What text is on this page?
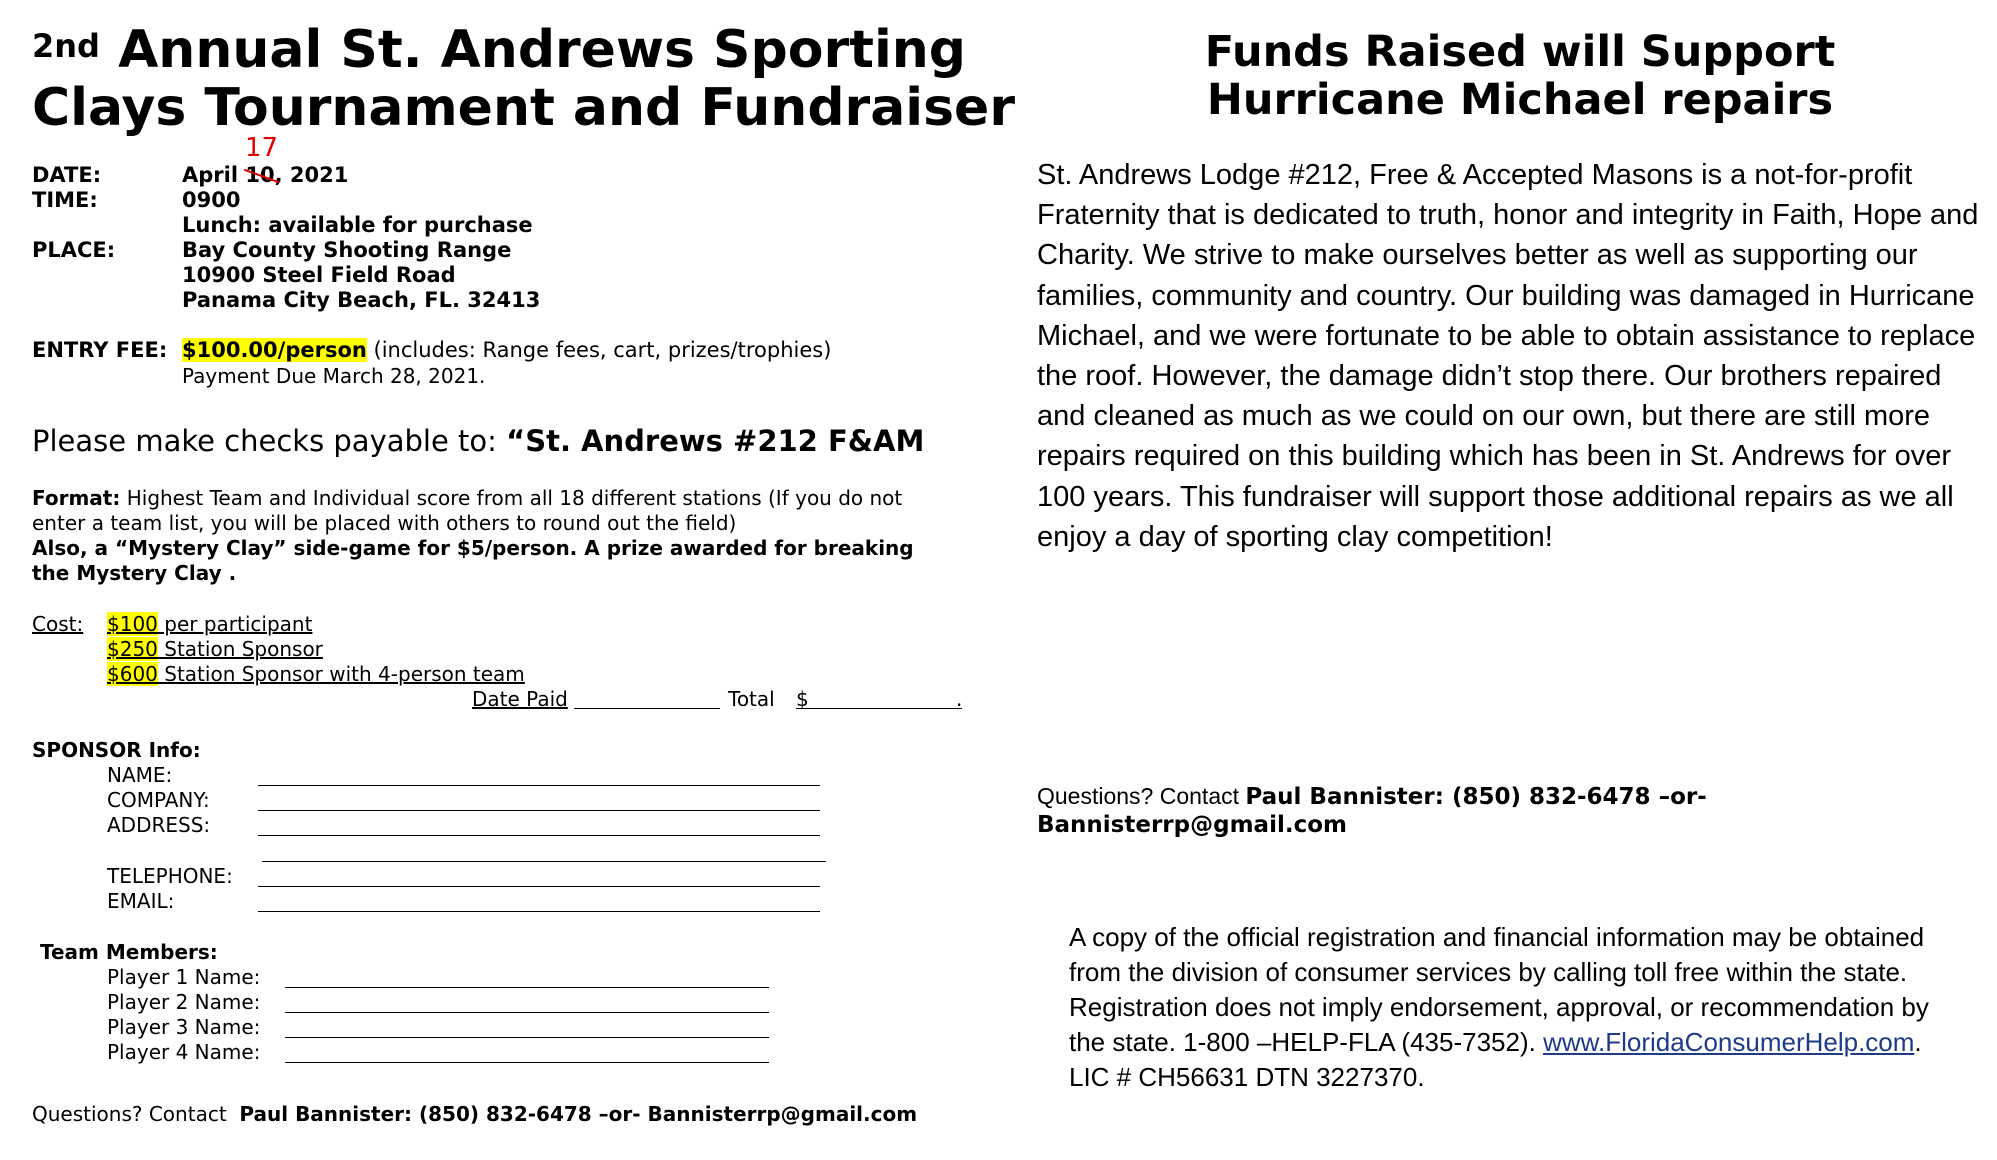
$^{2nd}$ Annual St. Andrews Sporting
Clays Tournament and Fundraiser
17
DATE:	April 10, 2021
TIME:	0900
Lunch: available for purchase
PLACE:	Bay County Shooting Range
10900 Steel Field Road
Panama City Beach, FL. 32413
ENTRY FEE: $100.00/person (includes: Range fees, cart, prizes/trophies)
Payment Due March 28, 2021.
Please make checks payable to: “St. Andrews #212 F&AM
Format: Highest Team and Individual score from all 18 different stations (If you do not
enter a team list, you will be placed with others to round out the field)
Also, a “Mystery Clay” side-game for $5/person. A prize awarded for breaking
the Mystery Clay .
Cost: $100 per participant
$250 Station Sponsor
$600 Station Sponsor with 4-person team
Date Paid	Total $	.
SPONSOR Info:
NAME:
COMPANY:
ADDRESS:
TELEPHONE:
EMAIL:
Team Members:
Player 1 Name:
Player 2 Name:
Player 3 Name:
Player 4 Name:
Questions? Contact Paul Bannister: (850) 832-6478 –or- Bannisterrp@gmail.com
Funds Raised will Support
Hurricane Michael repairs
St. Andrews Lodge #212, Free & Accepted Masons is a not-for-profit Fraternity that is dedicated to truth, honor and integrity in Faith, Hope and Charity. We strive to make ourselves better as well as supporting our families, community and country. Our building was damaged in Hurricane Michael, and we were fortunate to be able to obtain assistance to replace the roof. However, the damage didn’t stop there. Our brothers repaired and cleaned as much as we could on our own, but there are still more repairs required on this building which has been in St. Andrews for over 100 years. This fundraiser will support those additional repairs as we all enjoy a day of sporting clay competition!
Questions? Contact Paul Bannister: (850) 832-6478 –or-
Bannisterrp@gmail.com
A copy of the official registration and financial information may be obtained from the division of consumer services by calling toll free within the state. Registration does not imply endorsement, approval, or recommendation by the state. 1-800 –HELP-FLA (435-7352). www.FloridaConsumerHelp.com. LIC # CH56631 DTN 3227370.
